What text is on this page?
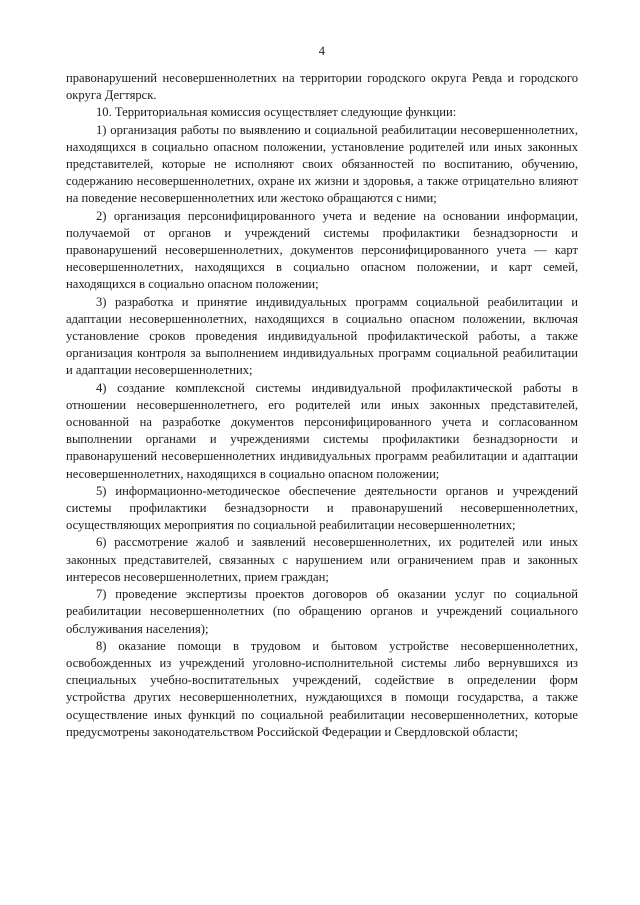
4

правонарушений несовершеннолетних на территории городского округа Ревда и городского округа Дегтярск.

10. Территориальная комиссия осуществляет следующие функции:

1) организация работы по выявлению и социальной реабилитации несовершеннолетних, находящихся в социально опасном положении, установление родителей или иных законных представителей, которые не исполняют своих обязанностей по воспитанию, обучению, содержанию несовершеннолетних, охране их жизни и здоровья, а также отрицательно влияют на поведение несовершеннолетних или жестоко обращаются с ними;

2) организация персонифицированного учета и ведение на основании информации, получаемой от органов и учреждений системы профилактики безнадзорности и правонарушений несовершеннолетних, документов персонифицированного учета — карт несовершеннолетних, находящихся в социально опасном положении, и карт семей, находящихся в социально опасном положении;

3) разработка и принятие индивидуальных программ социальной реабилитации и адаптации несовершеннолетних, находящихся в социально опасном положении, включая установление сроков проведения индивидуальной профилактической работы, а также организация контроля за выполнением индивидуальных программ социальной реабилитации и адаптации несовершеннолетних;

4) создание комплексной системы индивидуальной профилактической работы в отношении несовершеннолетнего, его родителей или иных законных представителей, основанной на разработке документов персонифицированного учета и согласованном выполнении органами и учреждениями системы профилактики безнадзорности и правонарушений несовершеннолетних индивидуальных программ реабилитации и адаптации несовершеннолетних, находящихся в социально опасном положении;

5) информационно-методическое обеспечение деятельности органов и учреждений системы профилактики безнадзорности и правонарушений несовершеннолетних, осуществляющих мероприятия по социальной реабилитации несовершеннолетних;

6) рассмотрение жалоб и заявлений несовершеннолетних, их родителей или иных законных представителей, связанных с нарушением или ограничением прав и законных интересов несовершеннолетних, прием граждан;

7) проведение экспертизы проектов договоров об оказании услуг по социальной реабилитации несовершеннолетних (по обращению органов и учреждений социального обслуживания населения);

8) оказание помощи в трудовом и бытовом устройстве несовершеннолетних, освобожденных из учреждений уголовно-исполнительной системы либо вернувшихся из специальных учебно-воспитательных учреждений, содействие в определении форм устройства других несовершеннолетних, нуждающихся в помощи государства, а также осуществление иных функций по социальной реабилитации несовершеннолетних, которые предусмотрены законодательством Российской Федерации и Свердловской области;
